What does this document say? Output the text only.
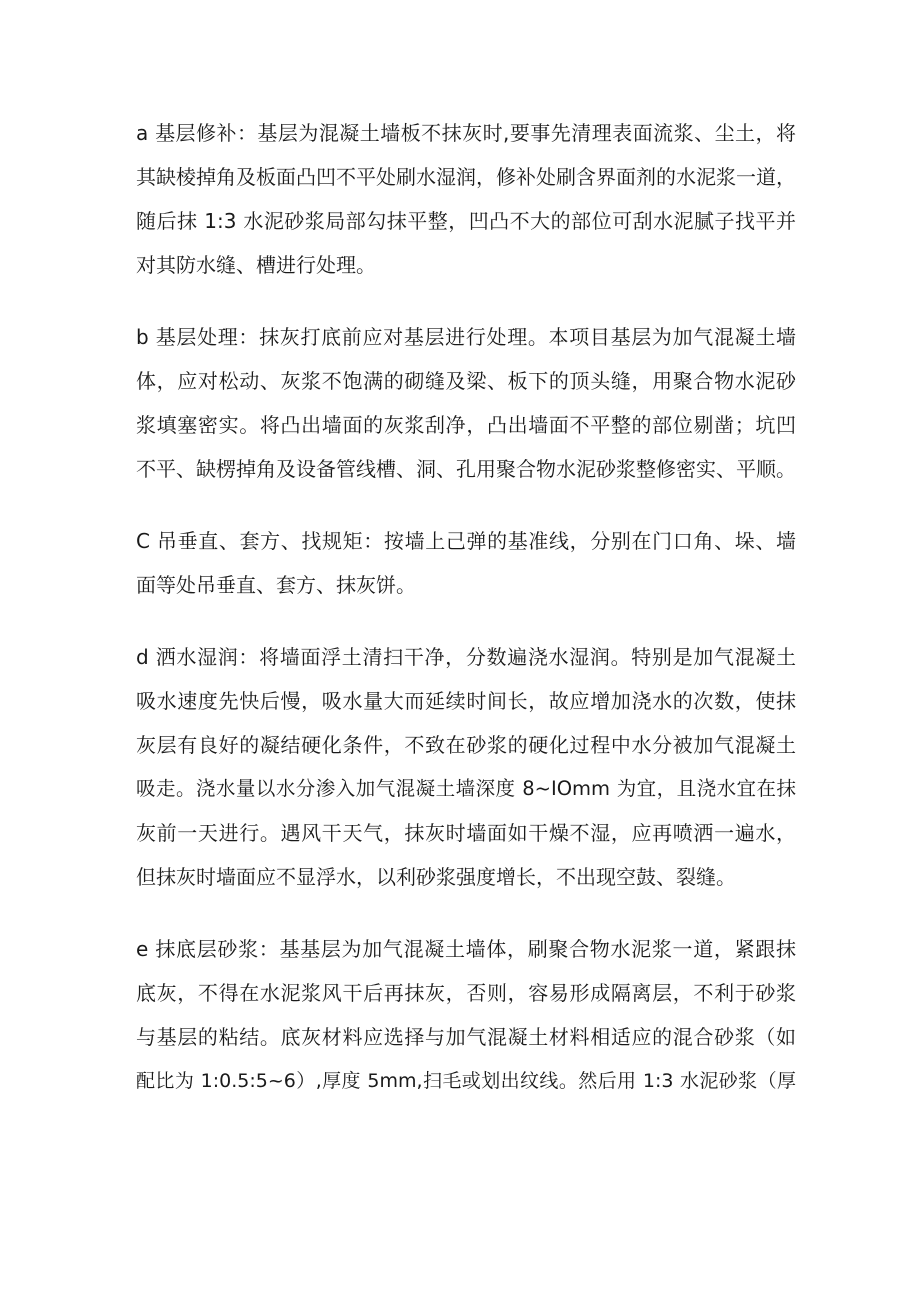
a 基层修补：基层为混凝土墙板不抹灰时,要事先清理表面流浆、尘土，将
其缺棱掉角及板面凸凹不平处刷水湿润，修补处刷含界面剂的水泥浆一道，
随后抹 1:3 水泥砂浆局部勾抹平整，凹凸不大的部位可刮水泥腻子找平并
对其防水缝、槽进行处理。

b 基层处理：抹灰打底前应对基层进行处理。本项目基层为加气混凝土墙
体，应对松动、灰浆不饱满的砌缝及梁、板下的顶头缝，用聚合物水泥砂
浆填塞密实。将凸出墙面的灰浆刮净，凸出墙面不平整的部位剔凿；坑凹
不平、缺楞掉角及设备管线槽、洞、孔用聚合物水泥砂浆整修密实、平顺。

C 吊垂直、套方、找规矩：按墙上己弹的基准线，分别在门口角、垛、墙
面等处吊垂直、套方、抹灰饼。

d 洒水湿润：将墙面浮土清扫干净，分数遍浇水湿润。特别是加气混凝土
吸水速度先快后慢，吸水量大而延续时间长，故应增加浇水的次数，使抹
灰层有良好的凝结硬化条件，不致在砂浆的硬化过程中水分被加气混凝土
吸走。浇水量以水分渗入加气混凝土墙深度 8~IOmm 为宜，且浇水宜在抹
灰前一天进行。遇风干天气，抹灰时墙面如干燥不湿，应再喷洒一遍水，
但抹灰时墙面应不显浮水，以利砂浆强度增长，不出现空鼓、裂缝。

e 抹底层砂浆：基基层为加气混凝土墙体，刷聚合物水泥浆一道，紧跟抹
底灰，不得在水泥浆风干后再抹灰，否则，容易形成隔离层，不利于砂浆
与基层的粘结。底灰材料应选择与加气混凝土材料相适应的混合砂浆（如
配比为 1:0.5:5~6）,厚度 5mm,扫毛或划出纹线。然后用 1:3 水泥砂浆（厚
